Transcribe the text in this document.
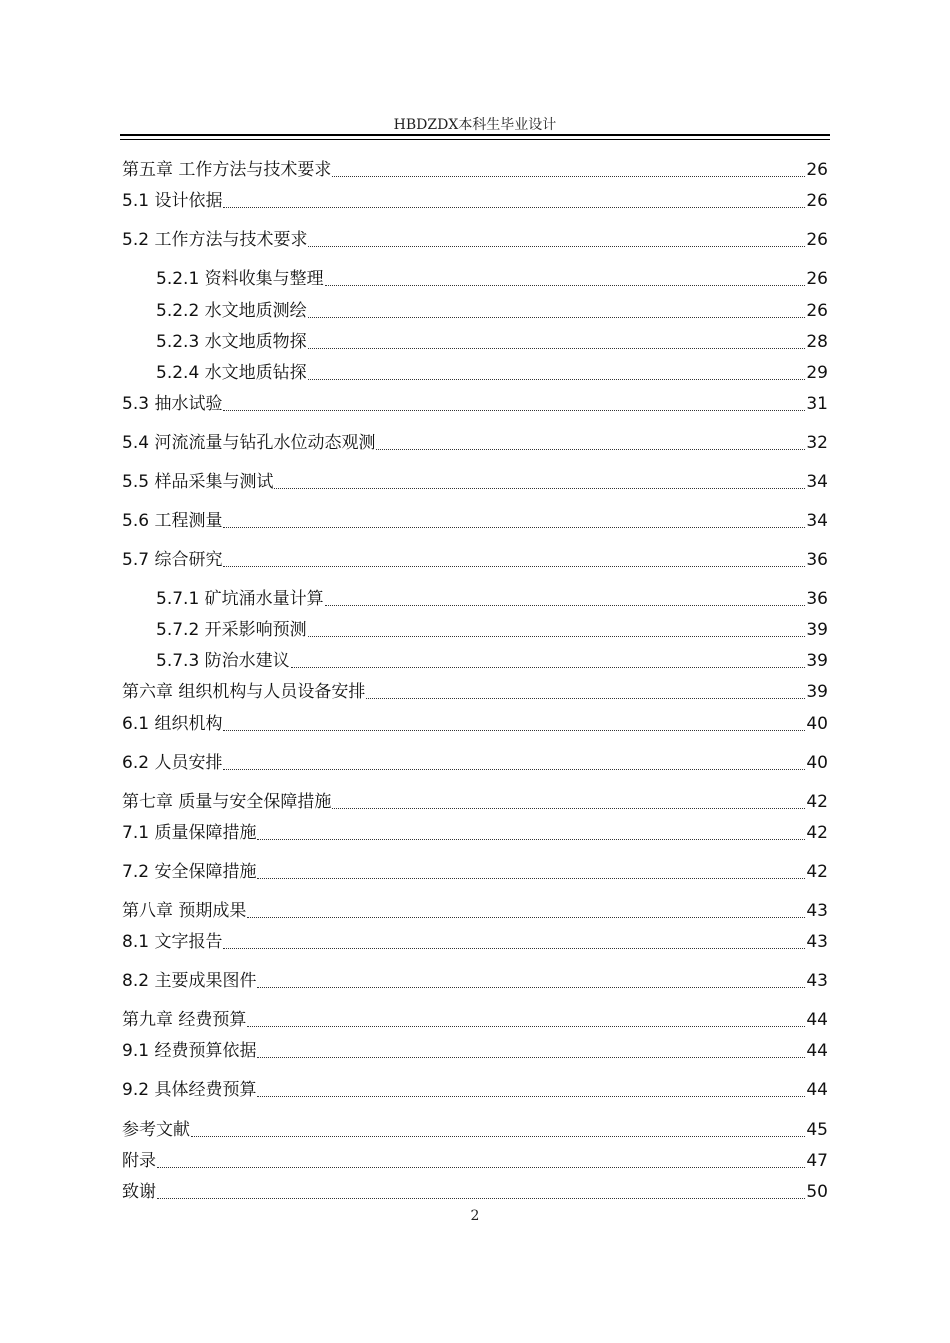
HBDZDX本科生毕业设计
第五章 工作方法与技术要求	26
5.1 设计依据	26
5.2 工作方法与技术要求	26
5.2.1 资料收集与整理	26
5.2.2 水文地质测绘	26
5.2.3 水文地质物探	28
5.2.4 水文地质钻探	29
5.3 抽水试验	31
5.4 河流流量与钻孔水位动态观测	32
5.5 样品采集与测试	34
5.6 工程测量	34
5.7 综合研究	36
5.7.1 矿坑涌水量计算	36
5.7.2 开采影响预测	39
5.7.3 防治水建议	39
第六章 组织机构与人员设备安排	39
6.1 组织机构	40
6.2 人员安排	40
第七章 质量与安全保障措施	42
7.1 质量保障措施	42
7.2 安全保障措施	42
第八章 预期成果	43
8.1 文字报告	43
8.2 主要成果图件	43
第九章 经费预算	44
9.1 经费预算依据	44
9.2 具体经费预算	44
参考文献	45
附录	47
致谢	50
2
